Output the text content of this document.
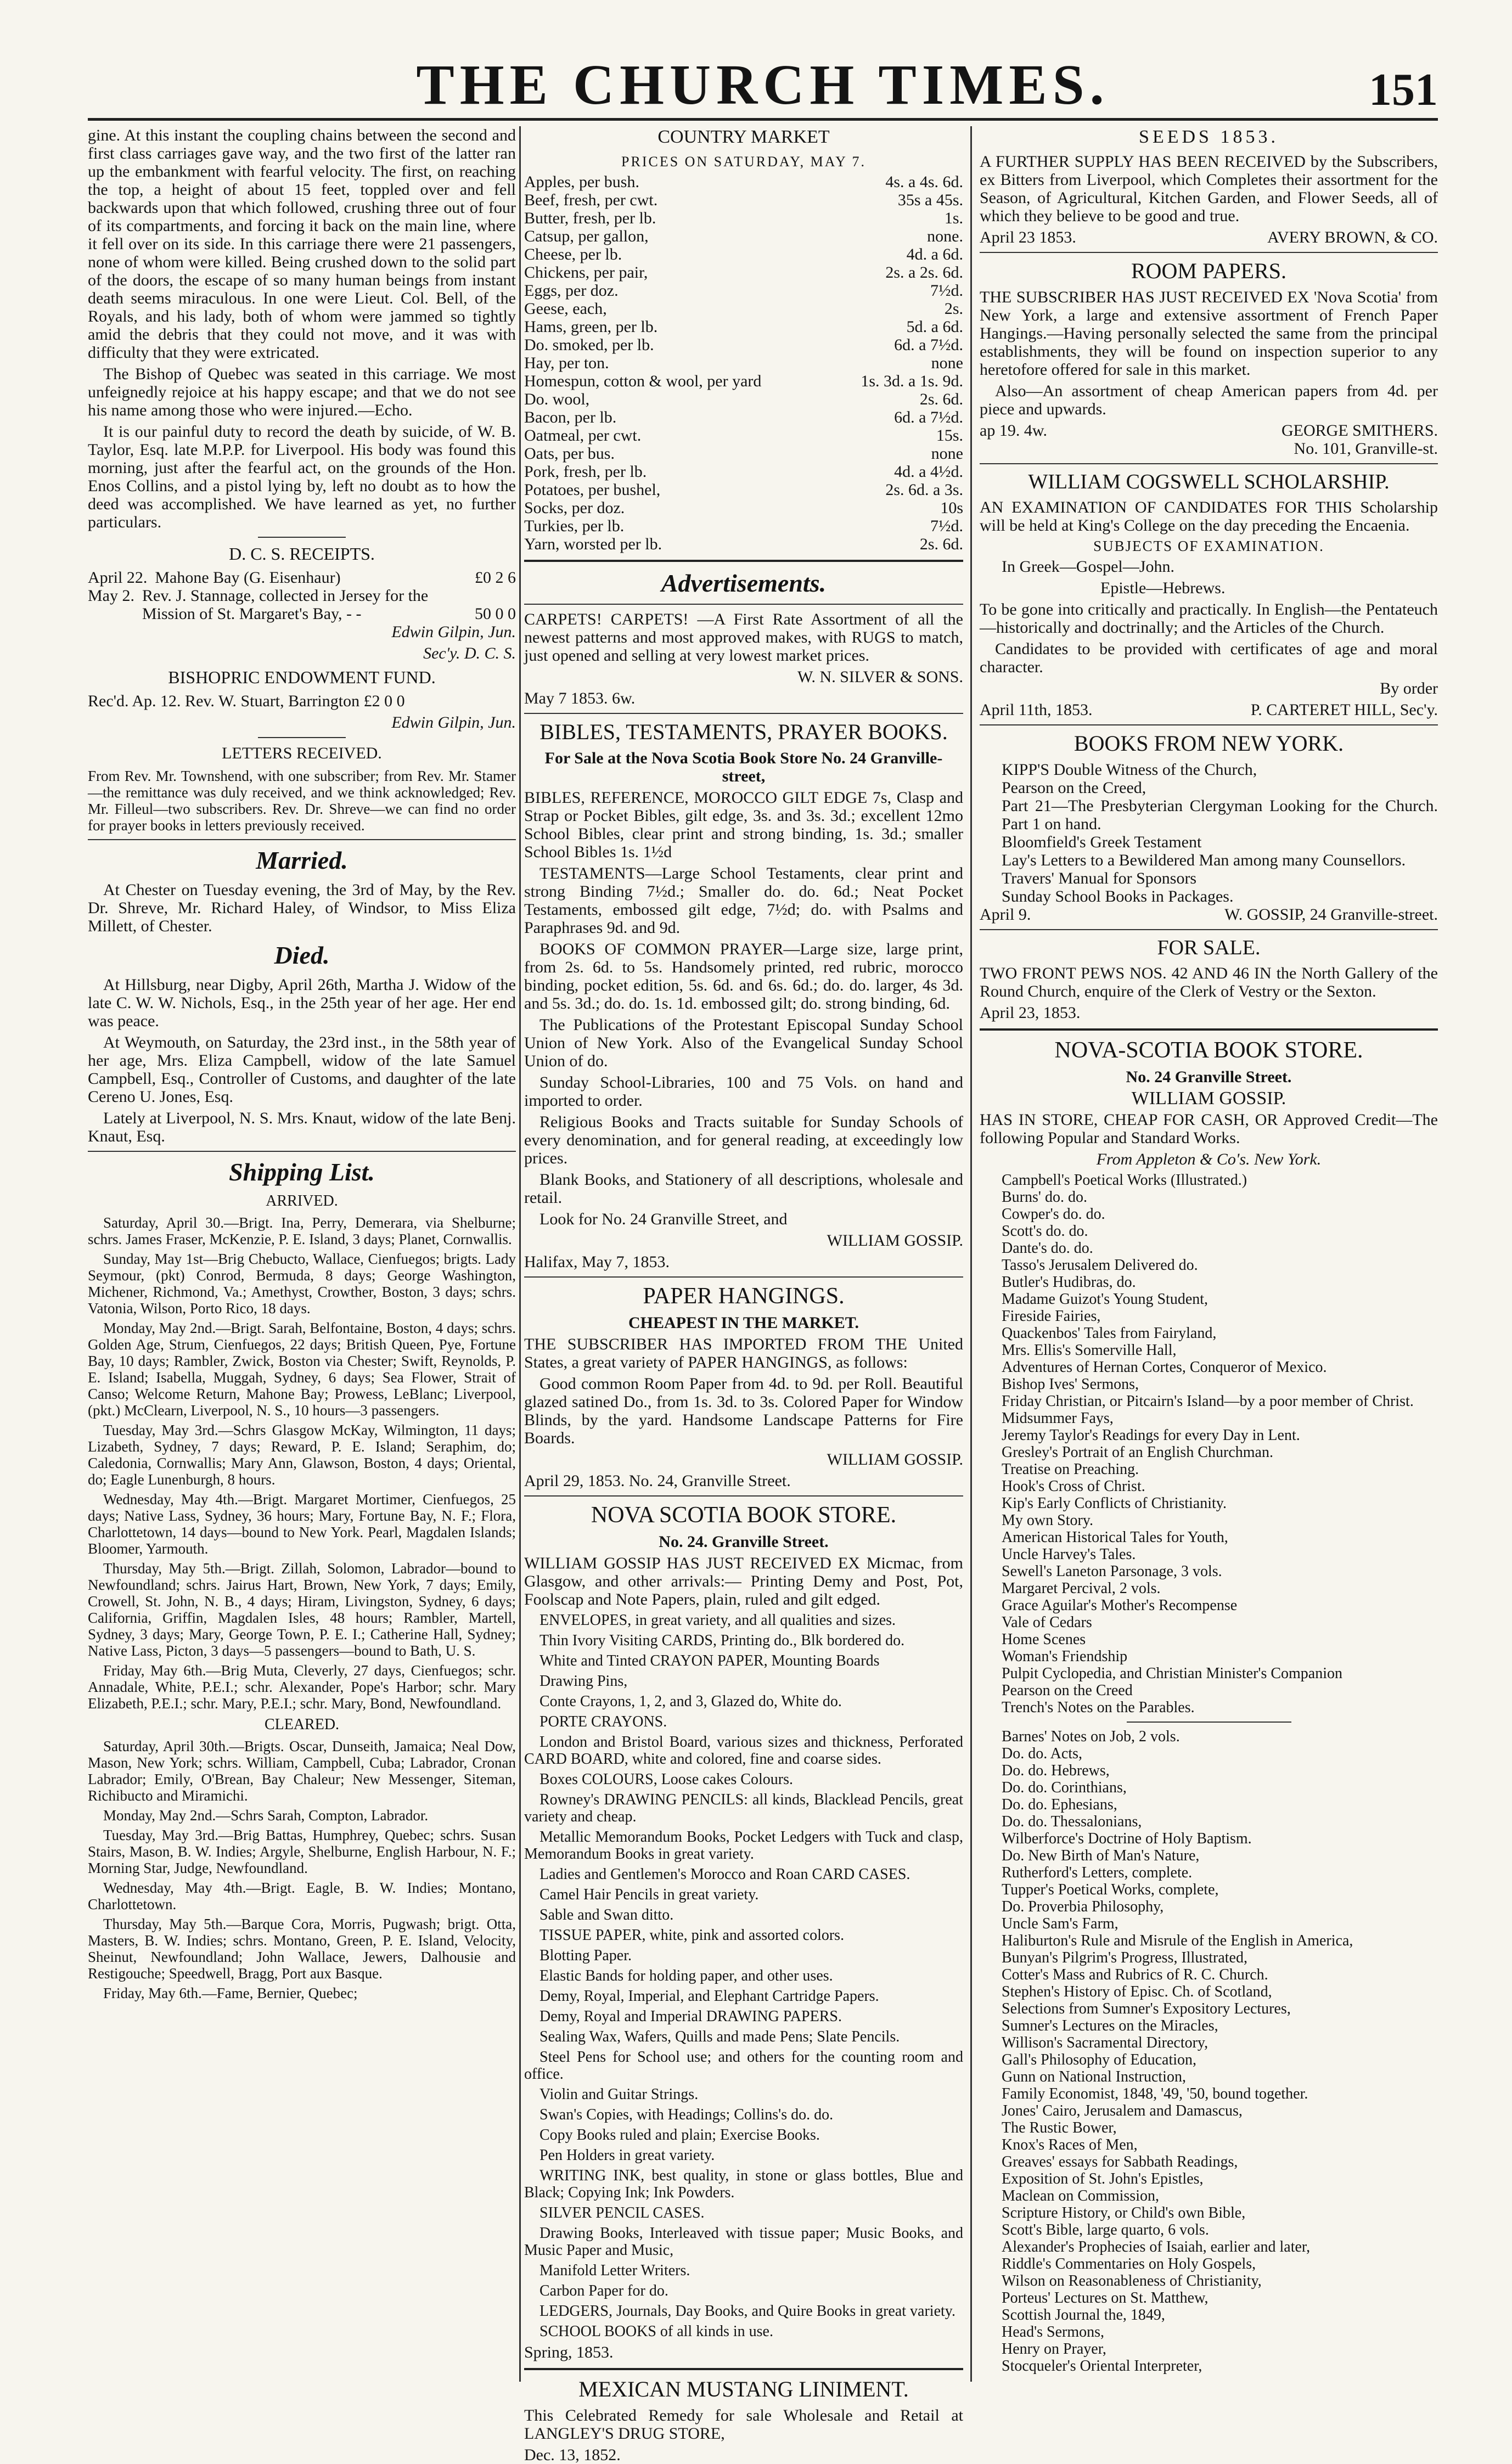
THE CHURCH TIMES.	151

gine. At this instant the coupling chains between the second and first class carriages gave way, and the two first of the latter ran up the embankment with fearful velocity. The first, on reaching the top, a height of about 15 feet, toppled over and fell backwards upon that which followed, crushing three out of four of its compartments, and forcing it back on the main line, where it fell over on its side. In this carriage there were 21 passengers, none of whom were killed. Being crushed down to the solid part of the doors, the escape of so many human beings from instant death seems miraculous. In one were Lieut. Col. Bell, of the Royals, and his lady, both of whom were jammed so tightly amid the debris that they could not move, and it was with difficulty that they were extricated.

The Bishop of Quebec was seated in this carriage. We most unfeignedly rejoice at his happy escape; and that we do not see his name among those who were injured.—Echo.

It is our painful duty to record the death by suicide, of W. B. Taylor, Esq. late M.P.P. for Liverpool. His body was found this morning, just after the fearful act, on the grounds of the Hon. Enos Collins, and a pistol lying by, left no doubt as to how the deed was accomplished. We have learned as yet, no further particulars.

D. C. S. RECEIPTS.
April 22. Mahone Bay (G. Eisenhaur)	£0 2 6
May 2. Rev. J. Stannage, collected in Jersey for the Mission of St. Margaret's Bay, - -	50 0 0

Edwin Gilpin, Jun.

Sec'y. D. C. S.

BISHOPRIC ENDOWMENT FUND.

Rec'd. Ap. 12. Rev. W. Stuart, Barrington £2 0 0

Edwin Gilpin, Jun.

LETTERS RECEIVED.

From Rev. Mr. Townshend, with one subscriber; from Rev. Mr. Stamer—the remittance was duly received, and we think acknowledged; Rev. Mr. Filleul—two subscribers. Rev. Dr. Shreve—we can find no order for prayer books in letters previously received.

Married.

At Chester on Tuesday evening, the 3rd of May, by the Rev. Dr. Shreve, Mr. Richard Haley, of Windsor, to Miss Eliza Millett, of Chester.

Died.

At Hillsburg, near Digby, April 26th, Martha J. Widow of the late C. W. W. Nichols, Esq., in the 25th year of her age. Her end was peace.

At Weymouth, on Saturday, the 23rd inst., in the 58th year of her age, Mrs. Eliza Campbell, widow of the late Samuel Campbell, Esq., Controller of Customs, and daughter of the late Cereno U. Jones, Esq.

Lately at Liverpool, N. S. Mrs. Knaut, widow of the late Benj. Knaut, Esq.

Shipping List.
ARRIVED.

Saturday, April 30.—Brigt. Ina, Perry, Demerara, via Shelburne; schrs. James Fraser, McKenzie, P. E. Island, 3 days; Planet, Cornwallis.

Sunday, May 1st—Brig Chebucto, Wallace, Cienfuegos; brigts. Lady Seymour, (pkt) Conrod, Bermuda, 8 days; George Washington, Michener, Richmond, Va.; Amethyst, Crowther, Boston, 3 days; schrs. Vatonia, Wilson, Porto Rico, 18 days.

Monday, May 2nd.—Brigt. Sarah, Belfontaine, Boston, 4 days; schrs. Golden Age, Strum, Cienfuegos, 22 days; British Queen, Pye, Fortune Bay, 10 days; Rambler, Zwick, Boston via Chester; Swift, Reynolds, P. E. Island; Isabella, Muggah, Sydney, 6 days; Sea Flower, Strait of Canso; Welcome Return, Mahone Bay; Prowess, LeBlanc; Liverpool, (pkt.) McClearn, Liverpool, N. S., 10 hours—3 passengers.

Tuesday, May 3rd.—Schrs Glasgow McKay, Wilmington, 11 days; Lizabeth, Sydney, 7 days; Reward, P. E. Island; Seraphim, do; Caledonia, Cornwallis; Mary Ann, Glawson, Boston, 4 days; Oriental, do; Eagle Lunenburgh, 8 hours.

Wednesday, May 4th.—Brigt. Margaret Mortimer, Cienfuegos, 25 days; Native Lass, Sydney, 36 hours; Mary, Fortune Bay, N. F.; Flora, Charlottetown, 14 days—bound to New York. Pearl, Magdalen Islands; Bloomer, Yarmouth.

Thursday, May 5th.—Brigt. Zillah, Solomon, Labrador—bound to Newfoundland; schrs. Jairus Hart, Brown, New York, 7 days; Emily, Crowell, St. John, N. B., 4 days; Hiram, Livingston, Sydney, 6 days; California, Griffin, Magdalen Isles, 48 hours; Rambler, Martell, Sydney, 3 days; Mary, George Town, P. E. I.; Catherine Hall, Sydney; Native Lass, Picton, 3 days—5 passengers—bound to Bath, U. S.

Friday, May 6th.—Brig Muta, Cleverly, 27 days, Cienfuegos; schr. Annadale, White, P.E.I.; schr. Alexander, Pope's Harbor; schr. Mary Elizabeth, P.E.I.; schr. Mary, P.E.I.; schr. Mary, Bond, Newfoundland.

CLEARED.

Saturday, April 30th.—Brigts. Oscar, Dunseith, Jamaica; Neal Dow, Mason, New York; schrs. William, Campbell, Cuba; Labrador, Cronan Labrador; Emily, O'Brean, Bay Chaleur; New Messenger, Siteman, Richibucto and Miramichi.

Monday, May 2nd.—Schrs Sarah, Compton, Labrador.

Tuesday, May 3rd.—Brig Battas, Humphrey, Quebec; schrs. Susan Stairs, Mason, B. W. Indies; Argyle, Shelburne, English Harbour, N. F.; Morning Star, Judge, Newfoundland.

Wednesday, May 4th.—Brigt. Eagle, B. W. Indies; Montano, Charlottetown.

Thursday, May 5th.—Barque Cora, Morris, Pugwash; brigt. Otta, Masters, B. W. Indies; schrs. Montano, Green, P. E. Island, Velocity, Sheinut, Newfoundland; John Wallace, Jewers, Dalhousie and Restigouche; Speedwell, Bragg, Port aux Basque.

Friday, May 6th.—Fame, Bernier, Quebec;

COUNTRY MARKET
PRICES ON SATURDAY, MAY 7.
Apples, per bush.	4s. a 4s. 6d.
Beef, fresh, per cwt.	35s a 45s.
Butter, fresh, per lb.	1s.
Catsup, per gallon,	none.
Cheese, per lb.	4d. a 6d.
Chickens, per pair,	2s. a 2s. 6d.
Eggs, per doz.	7½d.
Geese, each,	2s.
Hams, green, per lb.	5d. a 6d.
Do. smoked, per lb.	6d. a 7½d.
Hay, per ton.	none
Homespun, cotton & wool, per yard	1s. 3d. a 1s. 9d.
Do. wool,	2s. 6d.
Bacon, per lb.	6d. a 7½d.
Oatmeal, per cwt.	15s.
Oats, per bus.	none
Pork, fresh, per lb.	4d. a 4½d.
Potatoes, per bushel,	2s. 6d. a 3s.
Socks, per doz.	10s
Turkies, per lb.	7½d.
Yarn, worsted per lb.	2s. 6d.
Advertisements.

CARPETS! CARPETS! —A First Rate Assortment of all the newest patterns and most approved makes, with RUGS to match, just opened and selling at very lowest market prices.

W. N. SILVER & SONS.

May 7 1853. 6w.

BIBLES, TESTAMENTS, PRAYER BOOKS.

For Sale at the Nova Scotia Book Store No. 24 Granville-street,

BIBLES, REFERENCE, MOROCCO GILT EDGE 7s, Clasp and Strap or Pocket Bibles, gilt edge, 3s. and 3s. 3d.; excellent 12mo School Bibles, clear print and strong binding, 1s. 3d.; smaller School Bibles 1s. 1½d

TESTAMENTS—Large School Testaments, clear print and strong Binding 7½d.; Smaller do. do. 6d.; Neat Pocket Testaments, embossed gilt edge, 7½d; do. with Psalms and Paraphrases 9d. and 9d.

BOOKS OF COMMON PRAYER—Large size, large print, from 2s. 6d. to 5s. Handsomely printed, red rubric, morocco binding, pocket edition, 5s. 6d. and 6s. 6d.; do. do. larger, 4s 3d. and 5s. 3d.; do. do. 1s. 1d. embossed gilt; do. strong binding, 6d.

The Publications of the Protestant Episcopal Sunday School Union of New York. Also of the Evangelical Sunday School Union of do.

Sunday School-Libraries, 100 and 75 Vols. on hand and imported to order.

Religious Books and Tracts suitable for Sunday Schools of every denomination, and for general reading, at exceedingly low prices.

Blank Books, and Stationery of all descriptions, wholesale and retail.

Look for No. 24 Granville Street, and

WILLIAM GOSSIP.

Halifax, May 7, 1853.

PAPER HANGINGS.

CHEAPEST IN THE MARKET.

THE SUBSCRIBER HAS IMPORTED FROM THE United States, a great variety of PAPER HANGINGS, as follows:

Good common Room Paper from 4d. to 9d. per Roll. Beautiful glazed satined Do., from 1s. 3d. to 3s. Colored Paper for Window Blinds, by the yard. Handsome Landscape Patterns for Fire Boards.

WILLIAM GOSSIP.

April 29, 1853. No. 24, Granville Street.

NOVA SCOTIA BOOK STORE.

No. 24. Granville Street.

WILLIAM GOSSIP HAS JUST RECEIVED EX Micmac, from Glasgow, and other arrivals:— Printing Demy and Post, Pot, Foolscap and Note Papers, plain, ruled and gilt edged.

ENVELOPES, in great variety, and all qualities and sizes.

Thin Ivory Visiting CARDS, Printing do., Blk bordered do.

White and Tinted CRAYON PAPER, Mounting Boards

Drawing Pins,

Conte Crayons, 1, 2, and 3, Glazed do, White do.

PORTE CRAYONS.

London and Bristol Board, various sizes and thickness, Perforated CARD BOARD, white and colored, fine and coarse sides.

Boxes COLOURS, Loose cakes Colours.

Rowney's DRAWING PENCILS: all kinds, Blacklead Pencils, great variety and cheap.

Metallic Memorandum Books, Pocket Ledgers with Tuck and clasp, Memorandum Books in great variety.

Ladies and Gentlemen's Morocco and Roan CARD CASES.

Camel Hair Pencils in great variety.

Sable and Swan ditto.

TISSUE PAPER, white, pink and assorted colors.

Blotting Paper.

Elastic Bands for holding paper, and other uses.

Demy, Royal, Imperial, and Elephant Cartridge Papers.

Demy, Royal and Imperial DRAWING PAPERS.

Sealing Wax, Wafers, Quills and made Pens; Slate Pencils.

Steel Pens for School use; and others for the counting room and office.

Violin and Guitar Strings.

Swan's Copies, with Headings; Collins's do. do.

Copy Books ruled and plain; Exercise Books.

Pen Holders in great variety.

WRITING INK, best quality, in stone or glass bottles, Blue and Black; Copying Ink; Ink Powders.

SILVER PENCIL CASES.

Drawing Books, Interleaved with tissue paper; Music Books, and Music Paper and Music,

Manifold Letter Writers.

Carbon Paper for do.

LEDGERS, Journals, Day Books, and Quire Books in great variety.

SCHOOL BOOKS of all kinds in use.

Spring, 1853.

MEXICAN MUSTANG LINIMENT.

This Celebrated Remedy for sale Wholesale and Retail at LANGLEY'S DRUG STORE,

Dec. 13, 1852.

SEEDS 1853.

A FURTHER SUPPLY HAS BEEN RECEIVED by the Subscribers, ex Bitters from Liverpool, which Completes their assortment for the Season, of Agricultural, Kitchen Garden, and Flower Seeds, all of which they believe to be good and true.

April 23 1853.	AVERY BROWN, & CO.
ROOM PAPERS.

THE SUBSCRIBER HAS JUST RECEIVED EX 'Nova Scotia' from New York, a large and extensive assortment of French Paper Hangings.—Having personally selected the same from the principal establishments, they will be found on inspection superior to any heretofore offered for sale in this market.

Also—An assortment of cheap American papers from 4d. per piece and upwards.

ap 19. 4w.	GEORGE SMITHERS.

No. 101, Granville-st.

WILLIAM COGSWELL SCHOLARSHIP.

AN EXAMINATION OF CANDIDATES FOR THIS Scholarship will be held at King's College on the day preceding the Encaenia.

SUBJECTS OF EXAMINATION.

In Greek—Gospel—John.

Epistle—Hebrews.

To be gone into critically and practically. In English—the Pentateuch—historically and doctrinally; and the Articles of the Church.

Candidates to be provided with certificates of age and moral character.

By order

April 11th, 1853.	P. CARTERET HILL, Sec'y.
BOOKS FROM NEW YORK.

KIPP'S Double Witness of the Church,

Pearson on the Creed,

Part 21—The Presbyterian Clergyman Looking for the Church. Part 1 on hand.

Bloomfield's Greek Testament

Lay's Letters to a Bewildered Man among many Counsellors.

Travers' Manual for Sponsors

Sunday School Books in Packages.

April 9.	W. GOSSIP, 24 Granville-street.
FOR SALE.

TWO FRONT PEWS NOS. 42 AND 46 IN the North Gallery of the Round Church, enquire of the Clerk of Vestry or the Sexton.

April 23, 1853.

NOVA-SCOTIA BOOK STORE.

No. 24 Granville Street.

WILLIAM GOSSIP.

HAS IN STORE, CHEAP FOR CASH, OR Approved Credit—The following Popular and Standard Works.

From Appleton & Co's. New York.

Campbell's Poetical Works (Illustrated.)

Burns' do. do.

Cowper's do. do.

Scott's do. do.

Dante's do. do.

Tasso's Jerusalem Delivered do.

Butler's Hudibras, do.

Madame Guizot's Young Student,

Fireside Fairies,

Quackenbos' Tales from Fairyland,

Mrs. Ellis's Somerville Hall,

Adventures of Hernan Cortes, Conqueror of Mexico.

Bishop Ives' Sermons,

Friday Christian, or Pitcairn's Island—by a poor member of Christ.

Midsummer Fays,

Jeremy Taylor's Readings for every Day in Lent.

Gresley's Portrait of an English Churchman.

Treatise on Preaching.

Hook's Cross of Christ.

Kip's Early Conflicts of Christianity.

My own Story.

American Historical Tales for Youth,

Uncle Harvey's Tales.

Sewell's Laneton Parsonage, 3 vols.

Margaret Percival, 2 vols.

Grace Aguilar's Mother's Recompense

Vale of Cedars

Home Scenes

Woman's Friendship

Pulpit Cyclopedia, and Christian Minister's Companion

Pearson on the Creed

Trench's Notes on the Parables.

Barnes' Notes on Job, 2 vols.

Do. do. Acts,

Do. do. Hebrews,

Do. do. Corinthians,

Do. do. Ephesians,

Do. do. Thessalonians,

Wilberforce's Doctrine of Holy Baptism.

Do. New Birth of Man's Nature,

Rutherford's Letters, complete.

Tupper's Poetical Works, complete,

Do. Proverbia Philosophy,

Uncle Sam's Farm,

Haliburton's Rule and Misrule of the English in America,

Bunyan's Pilgrim's Progress, Illustrated,

Cotter's Mass and Rubrics of R. C. Church.

Stephen's History of Episc. Ch. of Scotland,

Selections from Sumner's Expository Lectures,

Sumner's Lectures on the Miracles,

Willison's Sacramental Directory,

Gall's Philosophy of Education,

Gunn on National Instruction,

Family Economist, 1848, '49, '50, bound together.

Jones' Cairo, Jerusalem and Damascus,

The Rustic Bower,

Knox's Races of Men,

Greaves' essays for Sabbath Readings,

Exposition of St. John's Epistles,

Maclean on Commission,

Scripture History, or Child's own Bible,

Scott's Bible, large quarto, 6 vols.

Alexander's Prophecies of Isaiah, earlier and later,

Riddle's Commentaries on Holy Gospels,

Wilson on Reasonableness of Christianity,

Porteus' Lectures on St. Matthew,

Scottish Journal the, 1849,

Head's Sermons,

Henry on Prayer,

Stocqueler's Oriental Interpreter,
